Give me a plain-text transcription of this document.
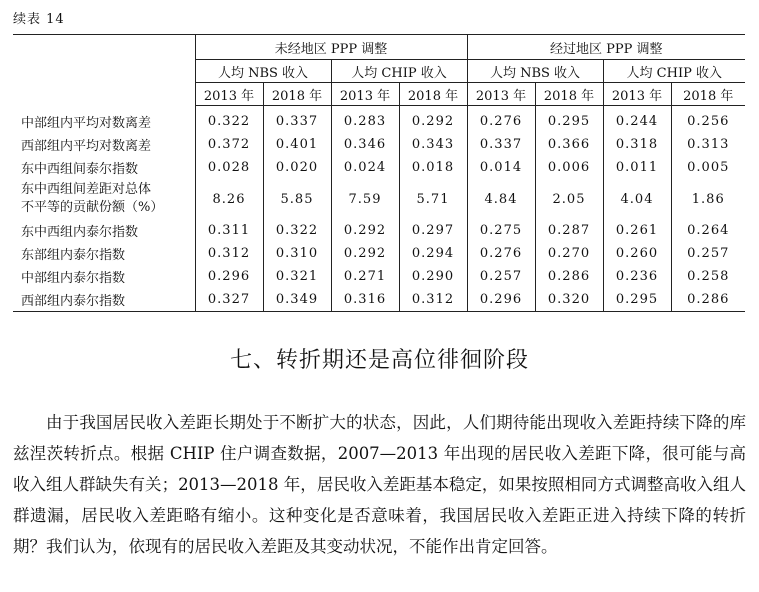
续表 14
	未经地区 PPP 调整				经过地区 PPP 调整			
	人均 NBS 收入		人均 CHIP 收入		人均 NBS 收入		人均 CHIP 收入	
	2013 年	2018 年	2013 年	2018 年	2013 年	2018 年	2013 年	2018 年
中部组内平均对数离差	0.322	0.337	0.283	0.292	0.276	0.295	0.244	0.256
西部组内平均对数离差	0.372	0.401	0.346	0.343	0.337	0.366	0.318	0.313
东中西组间泰尔指数	0.028	0.020	0.024	0.018	0.014	0.006	0.011	0.005
东中西组间差距对总体
不平等的贡献份额（%）	8.26	5.85	7.59	5.71	4.84	2.05	4.04	1.86
东中西组内泰尔指数	0.311	0.322	0.292	0.297	0.275	0.287	0.261	0.264
东部组内泰尔指数	0.312	0.310	0.292	0.294	0.276	0.270	0.260	0.257
中部组内泰尔指数	0.296	0.321	0.271	0.290	0.257	0.286	0.236	0.258
西部组内泰尔指数	0.327	0.349	0.316	0.312	0.296	0.320	0.295	0.286
七、转折期还是高位徘徊阶段

由于我国居民收入差距长期处于不断扩大的状态，因此，人们期待能出现收入差距持续下降的库兹涅茨转折点。根据 CHIP 住户调查数据，2007—2013 年出现的居民收入差距下降，很可能与高收入组人群缺失有关；2013—2018 年，居民收入差距基本稳定，如果按照相同方式调整高收入组人群遗漏，居民收入差距略有缩小。这种变化是否意味着，我国居民收入差距正进入持续下降的转折期？我们认为，依现有的居民收入差距及其变动状况，不能作出肯定回答。
